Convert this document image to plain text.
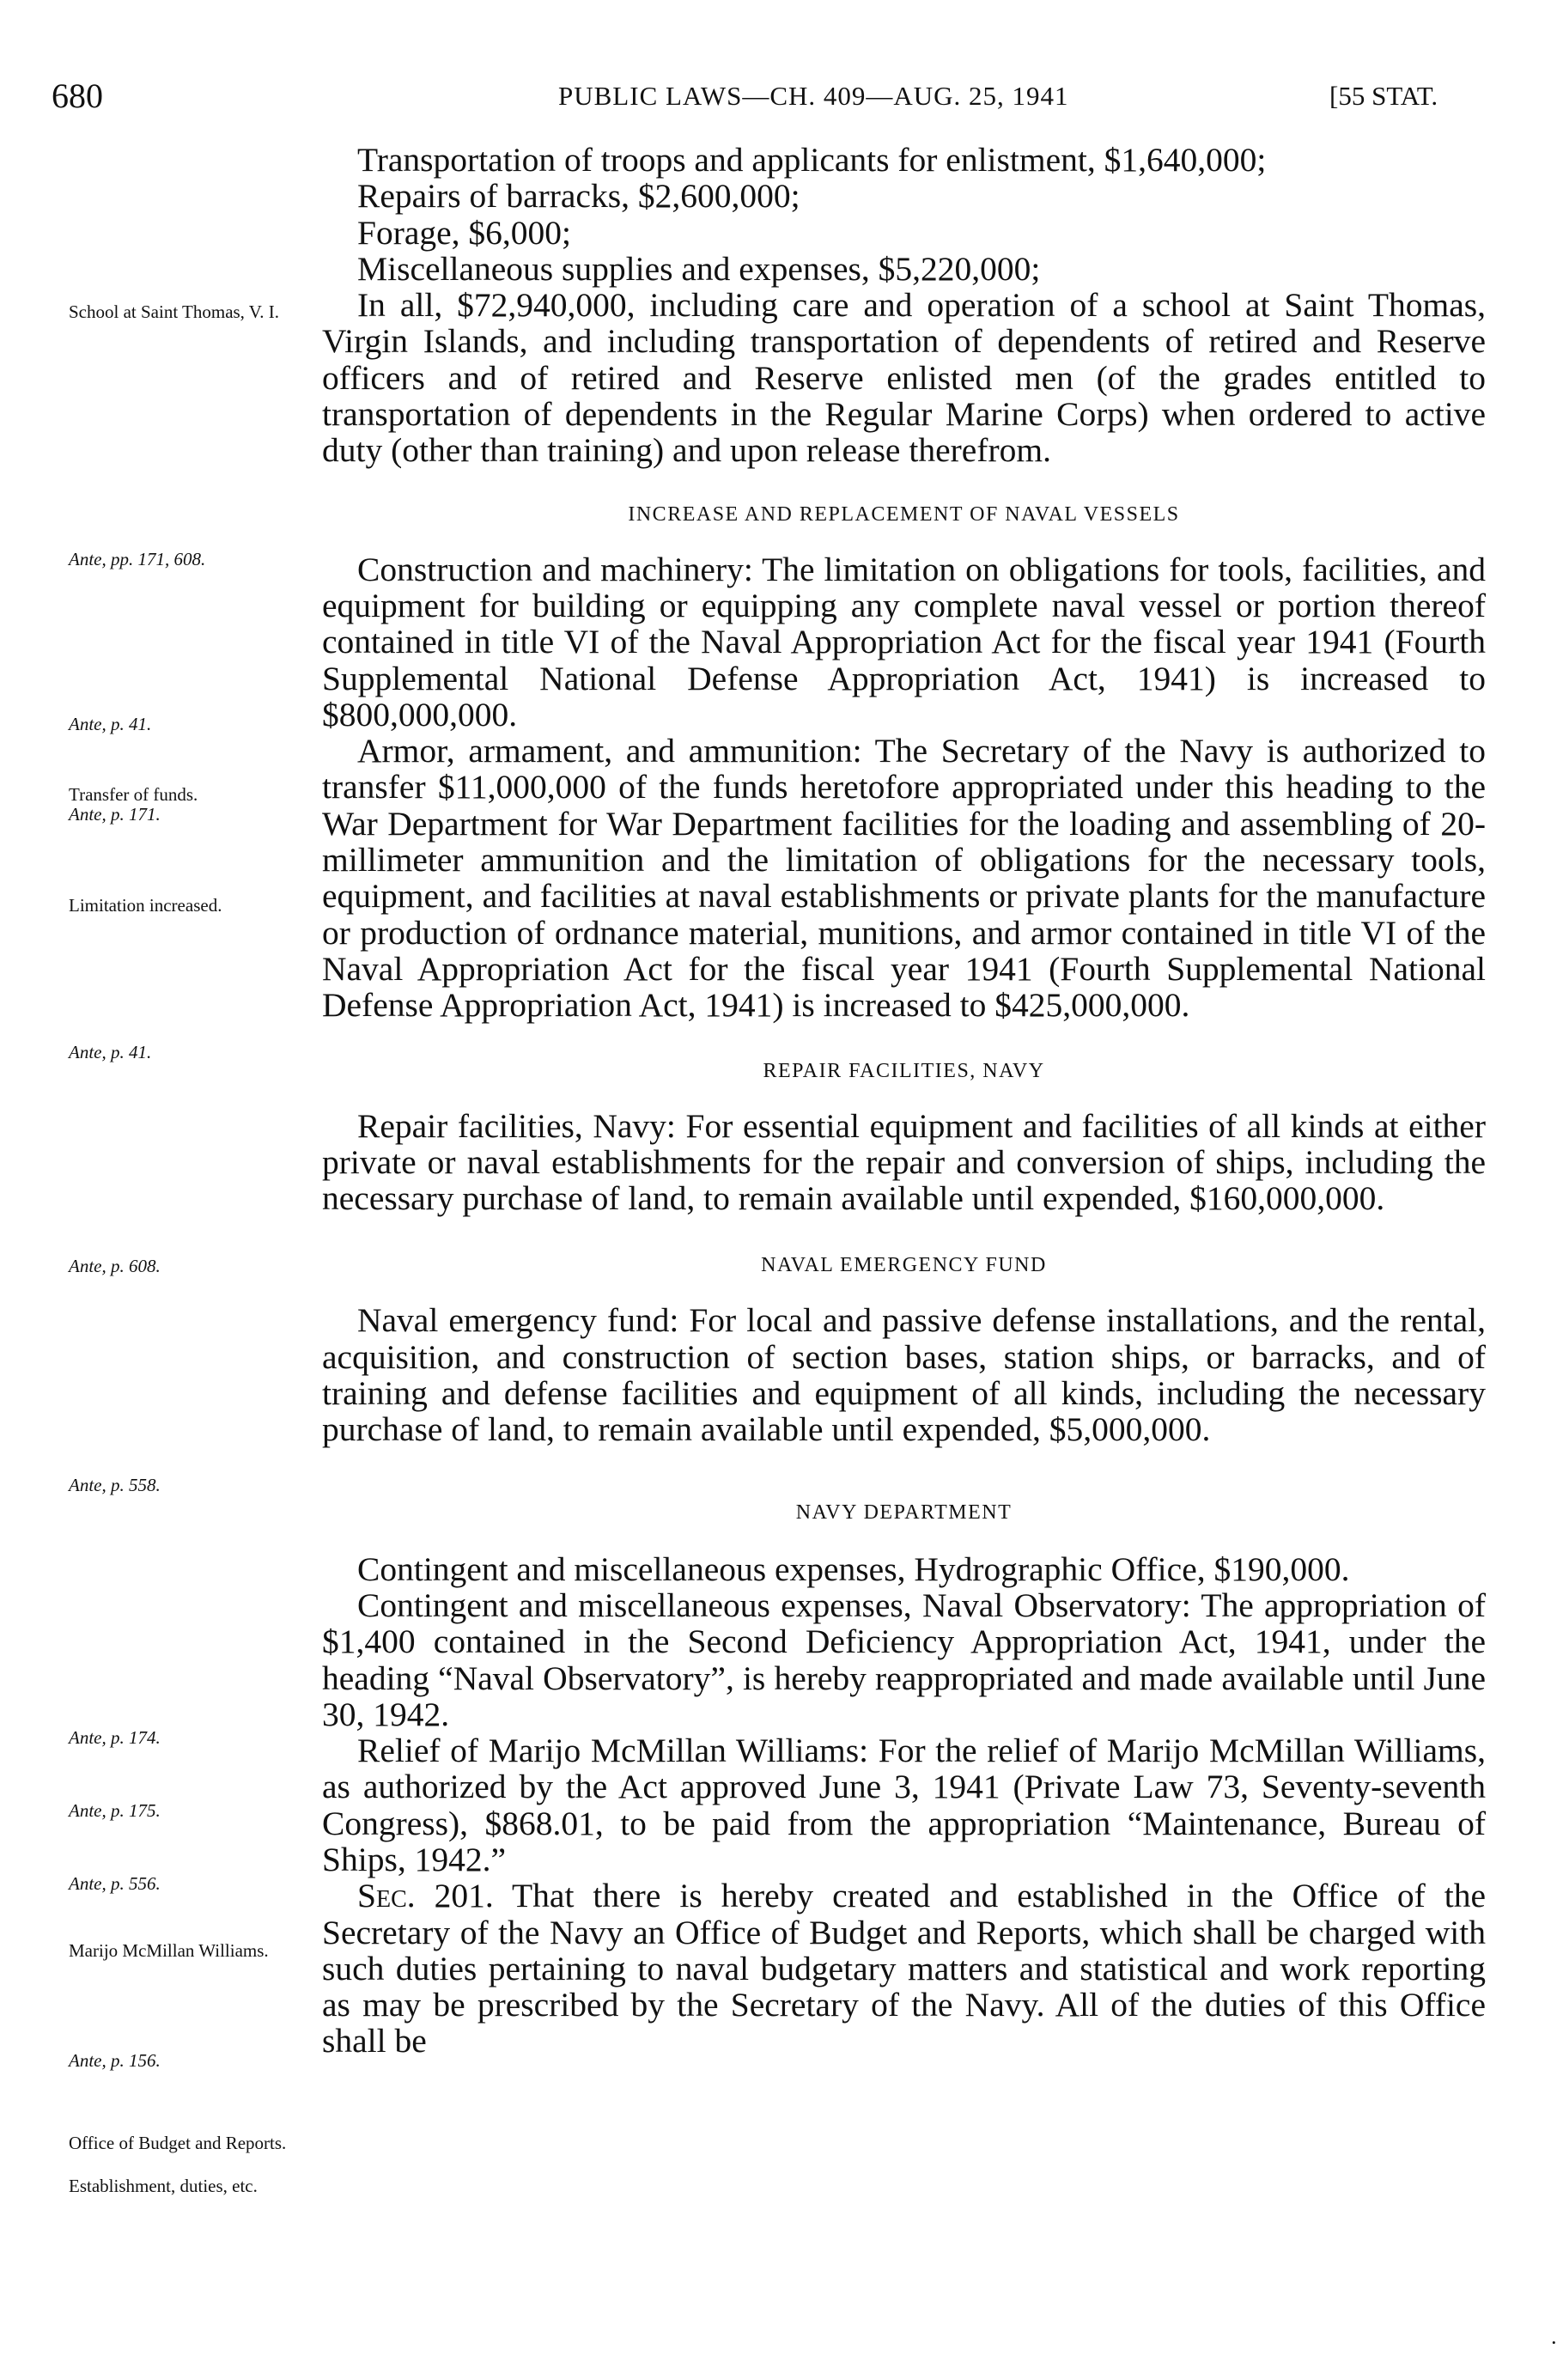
680	PUBLIC LAWS—CH. 409—AUG. 25, 1941	[55 STAT.
School at Saint Thomas, V. I.
Ante, pp. 171, 608.
Ante, p. 41.
Transfer of funds.
Ante, p. 171.
Limitation increased.
Ante, p. 41.
Ante, p. 608.
Ante, p. 558.
Ante, p. 174.
Ante, p. 175.
Ante, p. 556.
Marijo McMillan Williams.
Ante, p. 156.
Office of Budget and Reports.
Establishment, duties, etc.

Transportation of troops and applicants for enlistment, $1,640,000;

Repairs of barracks, $2,600,000;

Forage, $6,000;

Miscellaneous supplies and expenses, $5,220,000;

In all, $72,940,000, including care and operation of a school at Saint Thomas, Virgin Islands, and including transportation of dependents of retired and Reserve officers and of retired and Reserve enlisted men (of the grades entitled to transportation of dependents in the Regular Marine Corps) when ordered to active duty (other than training) and upon release therefrom.

INCREASE AND REPLACEMENT OF NAVAL VESSELS

Construction and machinery: The limitation on obligations for tools, facilities, and equipment for building or equipping any complete naval vessel or portion thereof contained in title VI of the Naval Appropriation Act for the fiscal year 1941 (Fourth Supplemental National Defense Appropriation Act, 1941) is increased to $800,000,000.

Armor, armament, and ammunition: The Secretary of the Navy is authorized to transfer $11,000,000 of the funds heretofore appropriated under this heading to the War Department for War Department facilities for the loading and assembling of 20-millimeter ammunition and the limitation of obligations for the necessary tools, equipment, and facilities at naval establishments or private plants for the manufacture or production of ordnance material, munitions, and armor contained in title VI of the Naval Appropriation Act for the fiscal year 1941 (Fourth Supplemental National Defense Appropriation Act, 1941) is increased to $425,000,000.

REPAIR FACILITIES, NAVY

Repair facilities, Navy: For essential equipment and facilities of all kinds at either private or naval establishments for the repair and conversion of ships, including the necessary purchase of land, to remain available until expended, $160,000,000.

NAVAL EMERGENCY FUND

Naval emergency fund: For local and passive defense installations, and the rental, acquisition, and construction of section bases, station ships, or barracks, and of training and defense facilities and equipment of all kinds, including the necessary purchase of land, to remain available until expended, $5,000,000.

NAVY DEPARTMENT

Contingent and miscellaneous expenses, Hydrographic Office, $190,000.

Contingent and miscellaneous expenses, Naval Observatory: The appropriation of $1,400 contained in the Second Deficiency Appropriation Act, 1941, under the heading “Naval Observatory”, is hereby reappropriated and made available until June 30, 1942.

Relief of Marijo McMillan Williams: For the relief of Marijo McMillan Williams, as authorized by the Act approved June 3, 1941 (Private Law 73, Seventy-seventh Congress), $868.01, to be paid from the appropriation “Maintenance, Bureau of Ships, 1942.”

Sec. 201. That there is hereby created and established in the Office of the Secretary of the Navy an Office of Budget and Reports, which shall be charged with such duties pertaining to naval budgetary matters and statistical and work reporting as may be prescribed by the Secretary of the Navy. All of the duties of this Office shall be

·
